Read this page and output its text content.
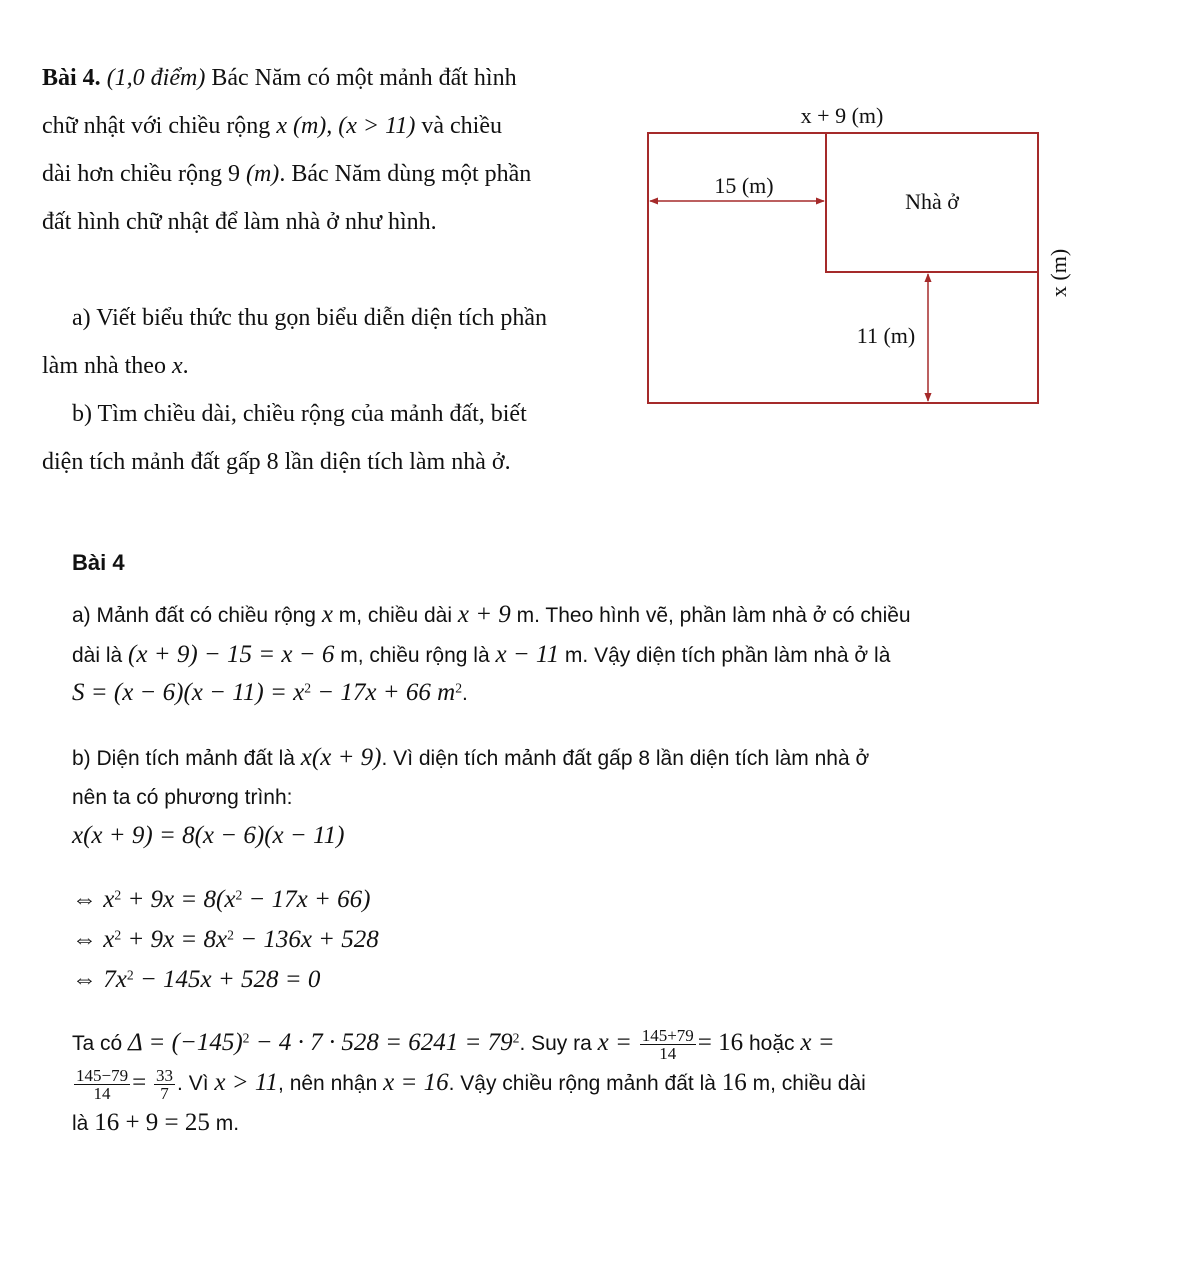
Bài 4. (1,0 điểm) Bác Năm có một mảnh đất hình
chữ nhật với chiều rộng x (m), (x > 11) và chiều
dài hơn chiều rộng 9 (m). Bác Năm dùng một phần
đất hình chữ nhật để làm nhà ở như hình.
a) Viết biểu thức thu gọn biểu diễn diện tích phần
làm nhà theo x.
b) Tìm chiều dài, chiều rộng của mảnh đất, biết
diện tích mảnh đất gấp 8 lần diện tích làm nhà ở.
x + 9 (m)
15 (m)
Nhà ở
11 (m)
x (m)
Bài 4
a) Mảnh đất có chiều rộng x m, chiều dài x + 9 m. Theo hình vẽ, phần làm nhà ở có chiều
dài là (x + 9) − 15 = x − 6 m, chiều rộng là x − 11 m. Vậy diện tích phần làm nhà ở là
$S = (x - 6)(x - 11) = x^2 - 17x + 66$ $m^2$.
b) Diện tích mảnh đất là x(x + 9). Vì diện tích mảnh đất gấp 8 lần diện tích làm nhà ở
nên ta có phương trình:
x(x + 9) = 8(x − 6)(x − 11)
⇔ $x^2 + 9x = 8(x^2 - 17x + 66)$
⇔ $x^2 + 9x = 8x^2 - 136x + 528$
⇔ $7x^2 - 145x + 528 = 0$
Ta có $\Delta = (-145)^2 - 4 \cdot 7 \cdot 528 = 6241 = 79^2$. Suy ra $x = \frac{145+79}{14} = 16$ hoặc x =
$\frac{145-79}{14} = \frac{33}{7}$ . Vì x > 11, nên nhận x = 16. Vậy chiều rộng mảnh đất là 16 m, chiều dài
là 16 + 9 = 25 m.
